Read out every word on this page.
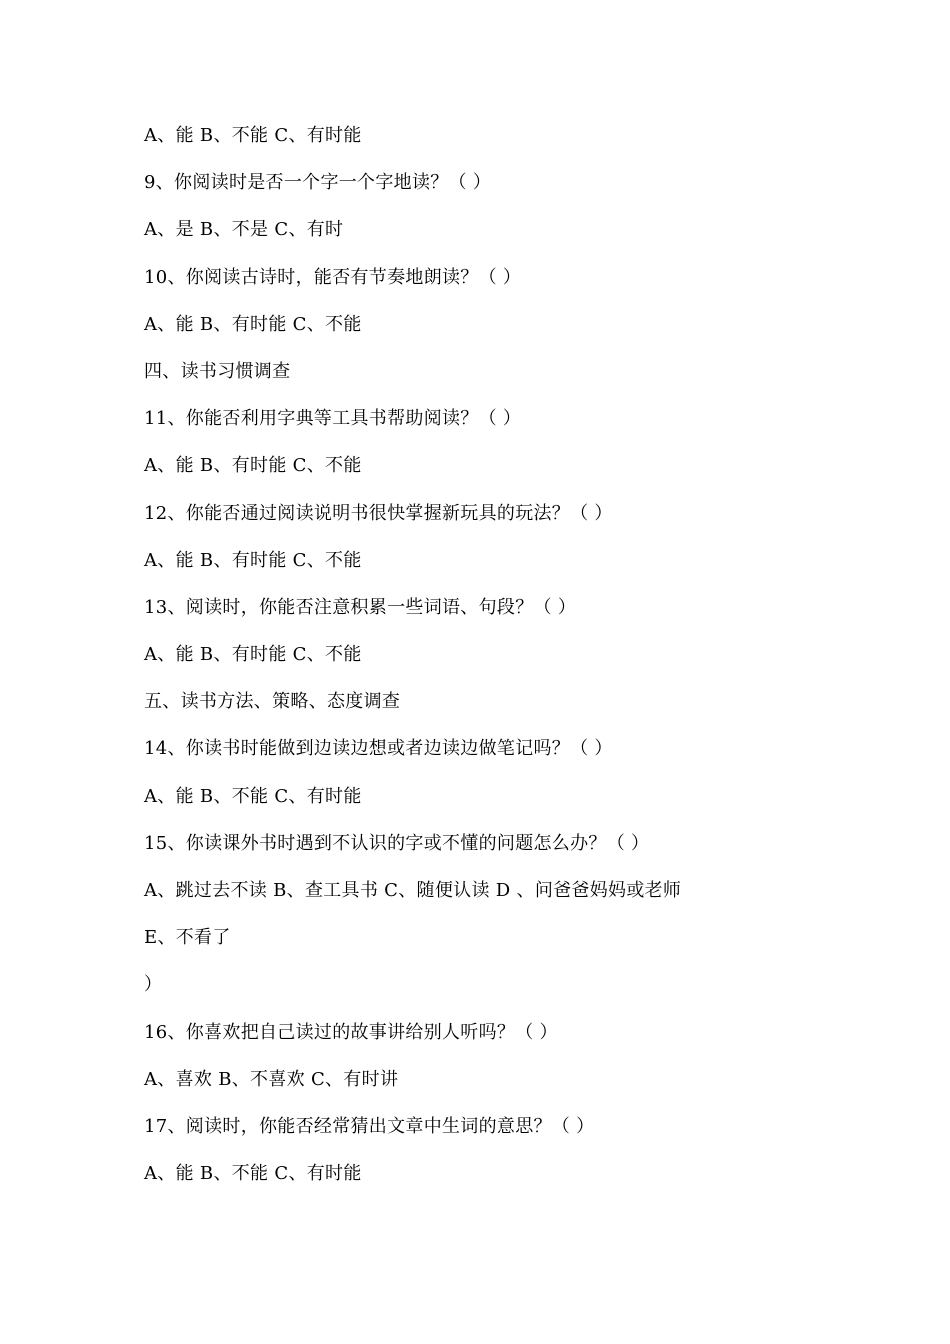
A、能 B、不能 C、有时能
9、你阅读时是否一个字一个字地读？（ ）
A、是 B、不是 C、有时
10、你阅读古诗时，能否有节奏地朗读？（ ）
A、能 B、有时能 C、不能
四、读书习惯调查
11、你能否利用字典等工具书帮助阅读？（ ）
A、能 B、有时能 C、不能
12、你能否通过阅读说明书很快掌握新玩具的玩法？（ ）
A、能 B、有时能 C、不能
13、阅读时，你能否注意积累一些词语、句段？（ ）
A、能 B、有时能 C、不能
五、读书方法、策略、态度调查
14、你读书时能做到边读边想或者边读边做笔记吗？（ ）
A、能 B、不能 C、有时能
15、你读课外书时遇到不认识的字或不懂的问题怎么办？（ ）
A、跳过去不读 B、查工具书 C、随便认读 D 、问爸爸妈妈或老师
E、不看了
）
16、你喜欢把自己读过的故事讲给别人听吗？（ ）
A、喜欢 B、不喜欢 C、有时讲
17、阅读时，你能否经常猜出文章中生词的意思？（ ）
A、能 B、不能 C、有时能
